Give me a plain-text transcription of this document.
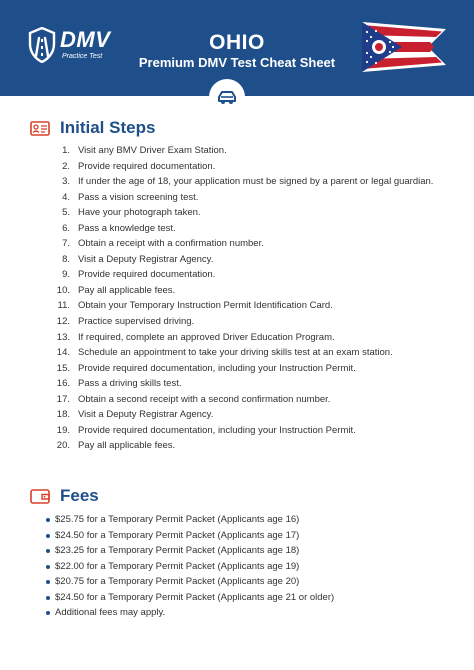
DMV
Practice Test
OHIO
Premium DMV Test Cheat Sheet
Initial Steps
1. Visit any BMV Driver Exam Station.
2. Provide required documentation.
3. If under the age of 18, your application must be signed by a parent or legal guardian.
4. Pass a vision screening test.
5. Have your photograph taken.
6. Pass a knowledge test.
7. Obtain a receipt with a confirmation number.
8. Visit a Deputy Registrar Agency.
9. Provide required documentation.
10. Pay all applicable fees.
11. Obtain your Temporary Instruction Permit Identification Card.
12. Practice supervised driving.
13. If required, complete an approved Driver Education Program.
14. Schedule an appointment to take your driving skills test at an exam station.
15. Provide required documentation, including your Instruction Permit.
16. Pass a driving skills test.
17. Obtain a second receipt with a second confirmation number.
18. Visit a Deputy Registrar Agency.
19. Provide required documentation, including your Instruction Permit.
20. Pay all applicable fees.
Fees
$25.75 for a Temporary Permit Packet (Applicants age 16)
$24.50 for a Temporary Permit Packet (Applicants age 17)
$23.25 for a Temporary Permit Packet (Applicants age 18)
$22.00 for a Temporary Permit Packet (Applicants age 19)
$20.75 for a Temporary Permit Packet (Applicants age 20)
$24.50 for a Temporary Permit Packet (Applicants age 21 or older)
Additional fees may apply.
